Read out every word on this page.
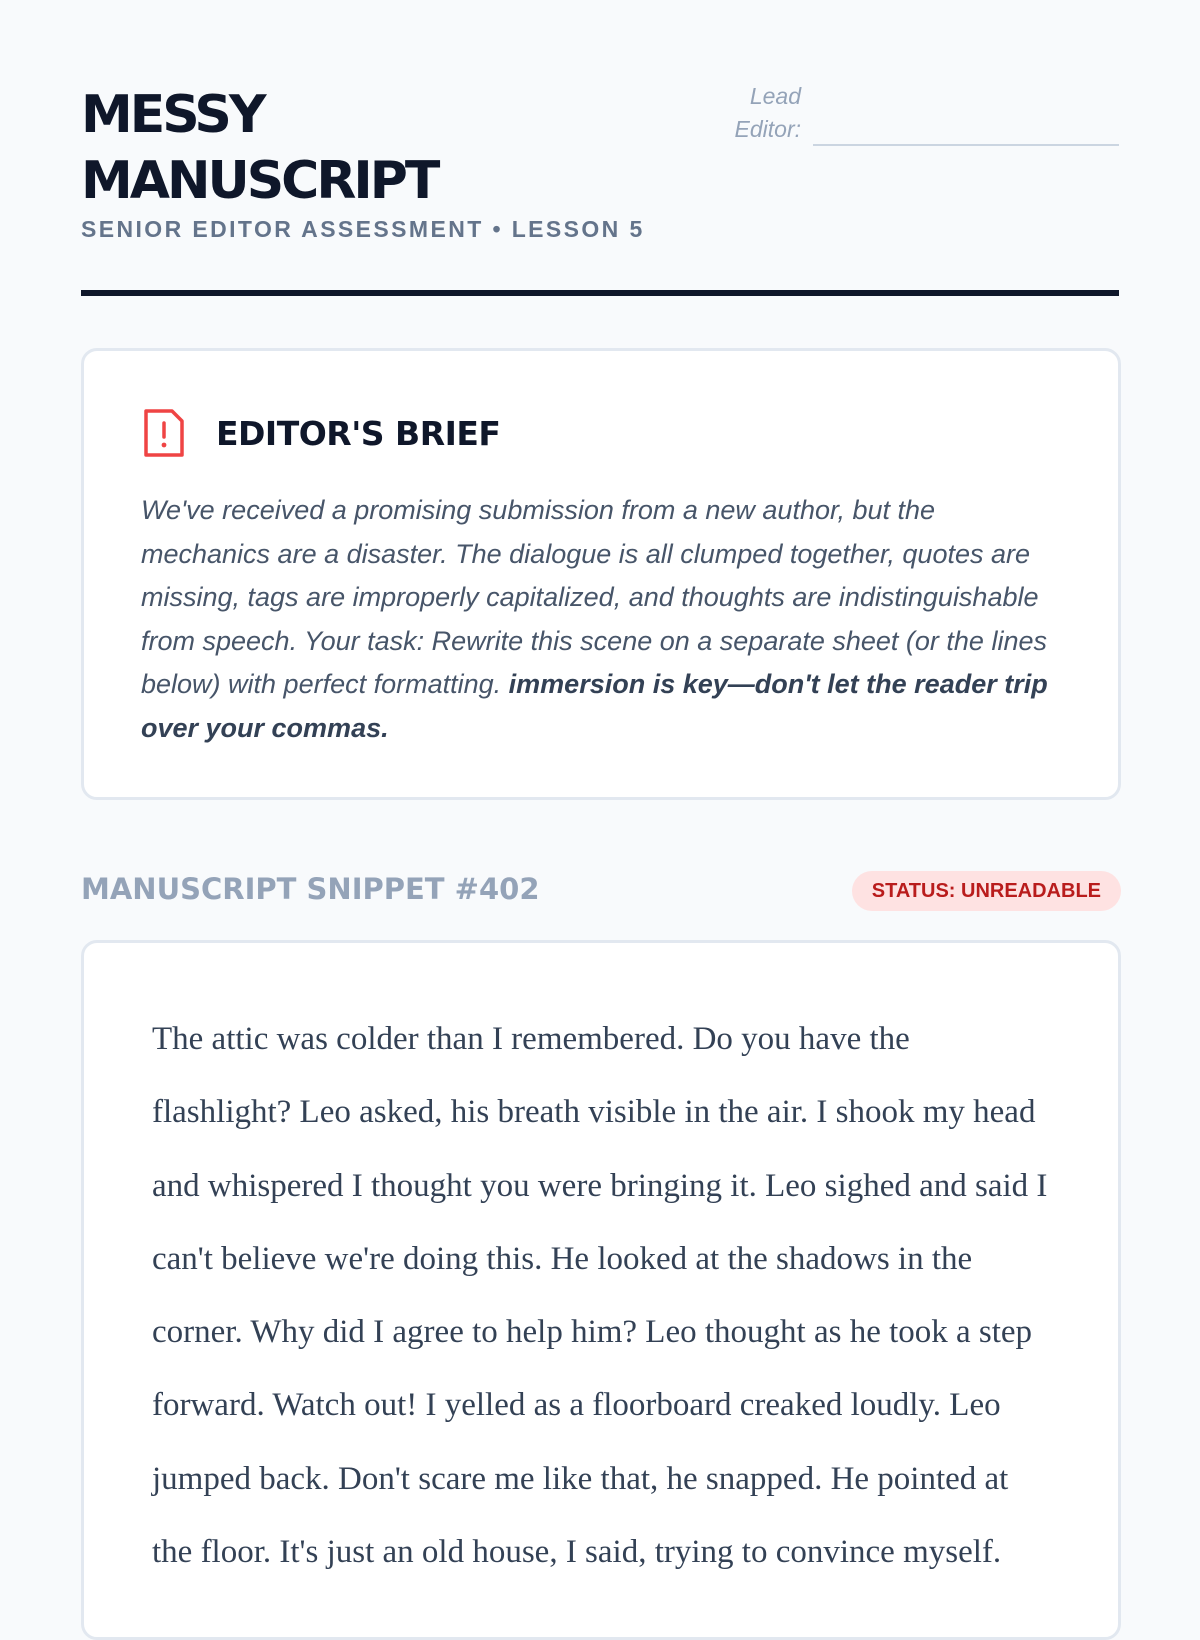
MESSY MANUSCRIPT
SENIOR EDITOR ASSESSMENT • LESSON 5
Lead Editor:
EDITOR'S BRIEF

We've received a promising submission from a new author, but the mechanics are a disaster. The dialogue is all clumped together, quotes are missing, tags are improperly capitalized, and thoughts are indistinguishable from speech. Your task: Rewrite this scene on a separate sheet (or the lines below) with perfect formatting. immersion is key—don't let the reader trip over your commas.

MANUSCRIPT SNIPPET #402	STATUS: UNREADABLE

The attic was colder than I remembered. Do you have the flashlight? Leo asked, his breath visible in the air. I shook my head and whispered I thought you were bringing it. Leo sighed and said I can't believe we're doing this. He looked at the shadows in the corner. Why did I agree to help him? Leo thought as he took a step forward. Watch out! I yelled as a floorboard creaked loudly. Leo jumped back. Don't scare me like that, he snapped. He pointed at the floor. It's just an old house, I said, trying to convince myself.
